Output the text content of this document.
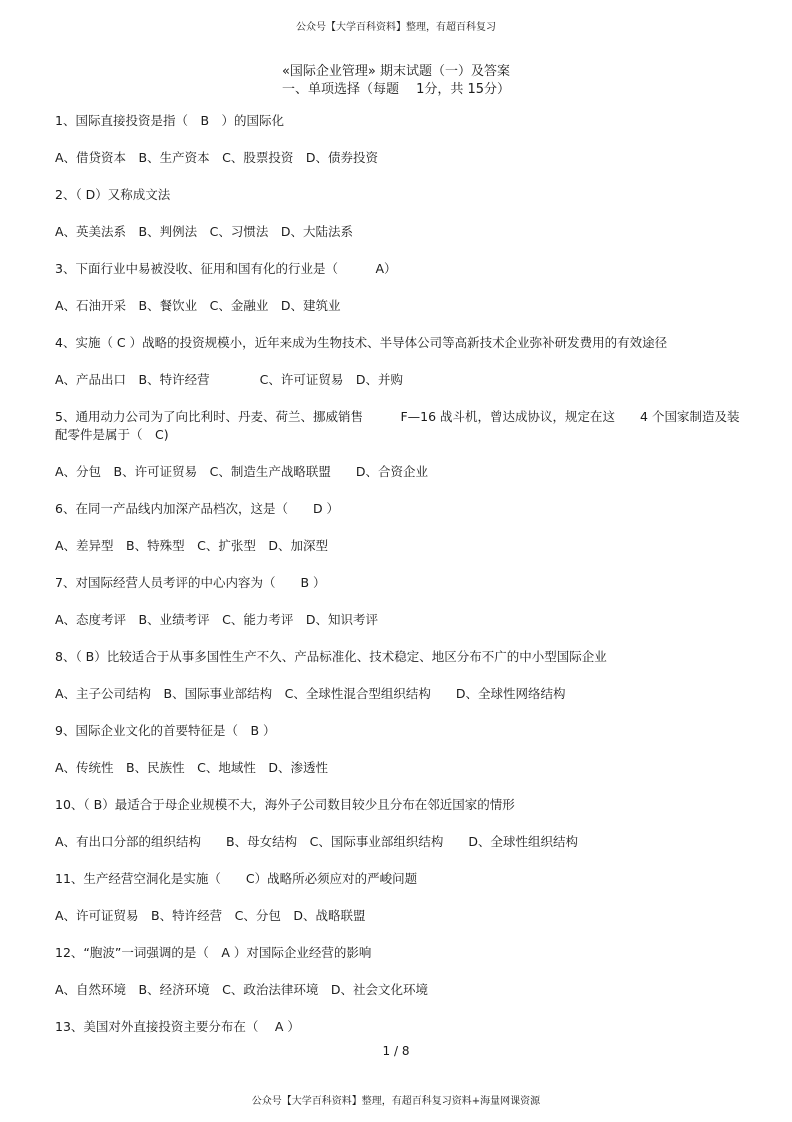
公众号【大学百科资料】整理，有超百科复习
«国际企业管理» 期末试题（一）及答案
一、单项选择（每题　 1分，共 15分）

1、国际直接投资是指（　B　）的国际化

A、借贷资本　B、生产资本　C、股票投资　D、债券投资

2、（ D）又称成文法

A、英美法系　B、判例法　C、习惯法　D、大陆法系

3、下面行业中易被没收、征用和国有化的行业是（　　　A）

A、石油开采　B、餐饮业　C、金融业　D、建筑业

4、实施（ C ）战略的投资规模小，近年来成为生物技术、半导体公司等高新技术企业弥补研发费用的有效途径

A、产品出口　B、特许经营　　　　C、许可证贸易　D、并购

5、通用动力公司为了向比利时、丹麦、荷兰、挪威销售　　　F—16 战斗机，曾达成协议，规定在这　　4 个国家制造及装配零件是属于（　C)

A、分包　B、许可证贸易　C、制造生产战略联盟　　D、合资企业

6、在同一产品线内加深产品档次，这是（　　D ）

A、差异型　B、特殊型　C、扩张型　D、加深型

7、对国际经营人员考评的中心内容为（　　B ）

A、态度考评　B、业绩考评　C、能力考评　D、知识考评

8、（ B）比较适合于从事多国性生产不久、产品标准化、技术稳定、地区分布不广的中小型国际企业

A、主子公司结构　B、国际事业部结构　C、全球性混合型组织结构　　D、全球性网络结构

9、国际企业文化的首要特征是（　B ）

A、传统性　B、民族性　C、地域性　D、渗透性

10、（ B）最适合于母企业规模不大，海外子公司数目较少且分布在邻近国家的情形

A、有出口分部的组织结构　　B、母女结构　C、国际事业部组织结构　　D、全球性组织结构

11、生产经营空洞化是实施（　　C）战略所必须应对的严峻问题

A、许可证贸易　B、特许经营　C、分包　D、战略联盟

12、“胞波”一词强调的是（　A ）对国际企业经营的影响

A、自然环境　B、经济环境　C、政治法律环境　D、社会文化环境

13、美国对外直接投资主要分布在（　 A ）

1 / 8
公众号【大学百科资料】整理，有超百科复习资料+海量网课资源
